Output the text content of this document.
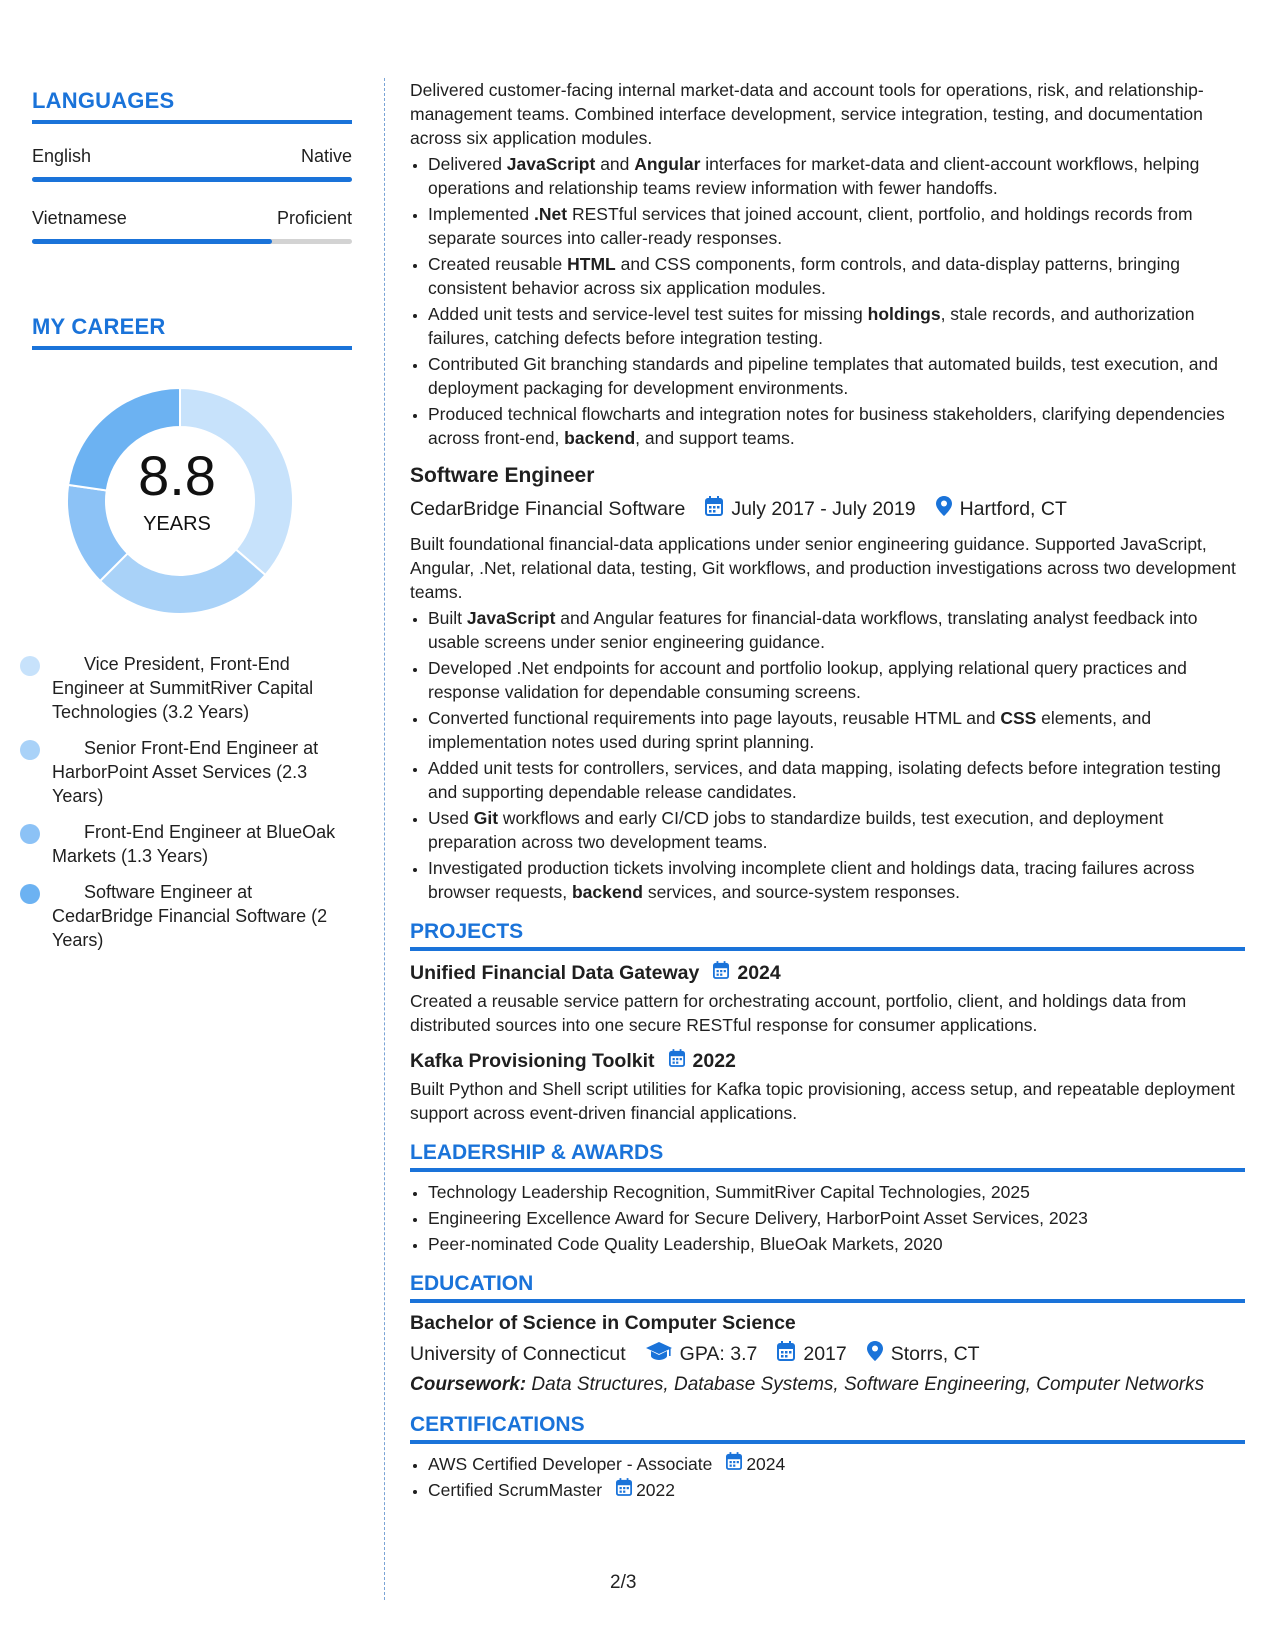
LANGUAGES
English	Native
Vietnamese	Proficient
MY CAREER
8.8
YEARS
Vice President, Front-End Engineer at SummitRiver Capital Technologies (3.2 Years)
Senior Front-End Engineer at HarborPoint Asset Services (2.3 Years)
Front-End Engineer at BlueOak Markets (1.3 Years)
Software Engineer at CedarBridge Financial Software (2 Years)

Delivered customer-facing internal market-data and account tools for operations, risk, and relationship-management teams. Combined interface development, service integration, testing, and documentation across six application modules.

• Delivered JavaScript and Angular interfaces for market-data and client-account workflows, helping operations and relationship teams review information with fewer handoffs.
• Implemented .Net RESTful services that joined account, client, portfolio, and holdings records from separate sources into caller-ready responses.
• Created reusable HTML and CSS components, form controls, and data-display patterns, bringing consistent behavior across six application modules.
• Added unit tests and service-level test suites for missing holdings, stale records, and authorization failures, catching defects before integration testing.
• Contributed Git branching standards and pipeline templates that automated builds, test execution, and deployment packaging for development environments.
• Produced technical flowcharts and integration notes for business stakeholders, clarifying dependencies across front-end, backend, and support teams.
Software Engineer
CedarBridge Financial Software July 2017 - July 2019 Hartford, CT

Built foundational financial-data applications under senior engineering guidance. Supported JavaScript, Angular, .Net, relational data, testing, Git workflows, and production investigations across two development teams.

• Built JavaScript and Angular features for financial-data workflows, translating analyst feedback into usable screens under senior engineering guidance.
• Developed .Net endpoints for account and portfolio lookup, applying relational query practices and response validation for dependable consuming screens.
• Converted functional requirements into page layouts, reusable HTML and CSS elements, and implementation notes used during sprint planning.
• Added unit tests for controllers, services, and data mapping, isolating defects before integration testing and supporting dependable release candidates.
• Used Git workflows and early CI/CD jobs to standardize builds, test execution, and deployment preparation across two development teams.
• Investigated production tickets involving incomplete client and holdings data, tracing failures across browser requests, backend services, and source-system responses.
PROJECTS
Unified Financial Data Gateway 2024

Created a reusable service pattern for orchestrating account, portfolio, client, and holdings data from distributed sources into one secure RESTful response for consumer applications.

Kafka Provisioning Toolkit 2022

Built Python and Shell script utilities for Kafka topic provisioning, access setup, and repeatable deployment support across event-driven financial applications.

LEADERSHIP & AWARDS
• Technology Leadership Recognition, SummitRiver Capital Technologies, 2025
• Engineering Excellence Award for Secure Delivery, HarborPoint Asset Services, 2023
• Peer-nominated Code Quality Leadership, BlueOak Markets, 2020
EDUCATION
Bachelor of Science in Computer Science
University of Connecticut	GPA: 3.7 2017 Storrs, CT
Coursework: Data Structures, Database Systems, Software Engineering, Computer Networks
CERTIFICATIONS
• AWS Certified Developer - Associate 2024
• Certified ScrumMaster 2022
2/3
